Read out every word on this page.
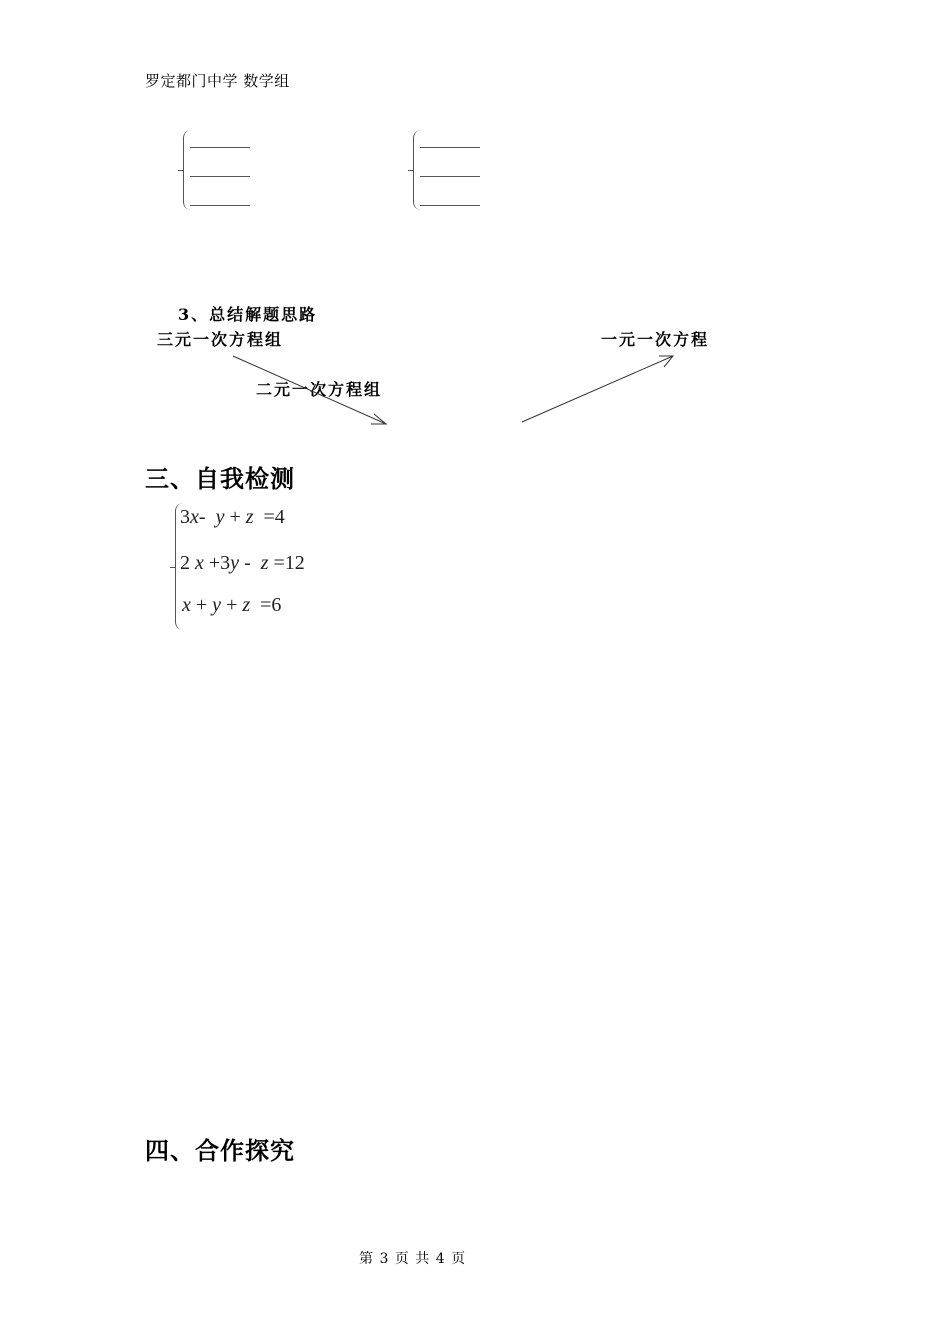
罗定都门中学 数学组
3、总结解题思路
三元一次方程组
二元一次方程组
一元一次方程
三、自我检测
3x- y + z =4
2 x +3y - z =12
x + y + z =6
四、合作探究
第 3 页 共 4 页
